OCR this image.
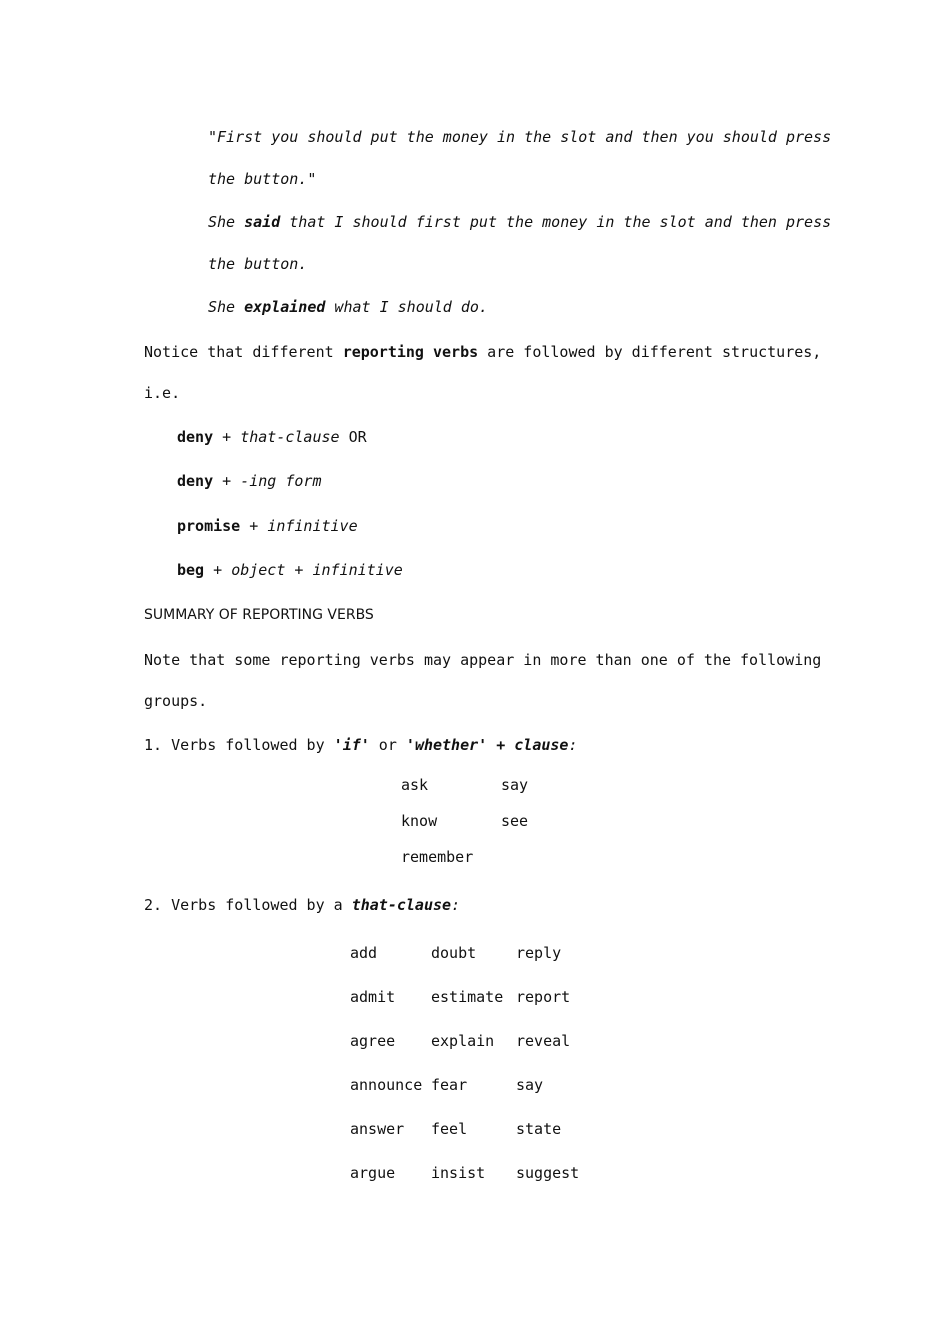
"First you should put the money in the slot and then you should press
the button."
She said that I should first put the money in the slot and then press
the button.
She explained what I should do.
Notice that different reporting verbs are followed by different structures,
i.e.
deny + that-clause OR
deny + -ing form
promise + infinitive
beg + object + infinitive
SUMMARY OF REPORTING VERBS
Note that some reporting verbs may appear in more than one of the following
groups.
1. Verbs followed by 'if' or 'whether' + clause:
ask	say
know	see
remember
2. Verbs followed by a that-clause:
add	doubt	reply
admit estimate report
agree explain reveal
announce fear	say
answer feel	state
argue insist suggest
